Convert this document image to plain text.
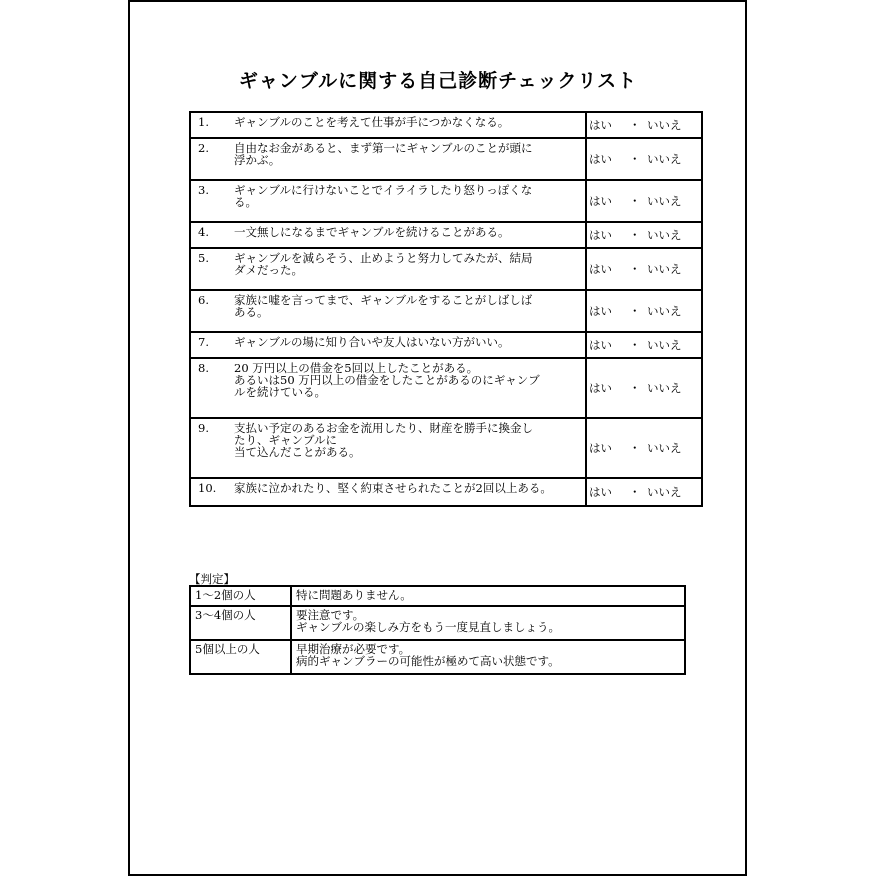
ギャンブルに関する自己診断チェックリスト
1. ギャンブルのことを考えて仕事が手につかなくなる。	はい ・ いいえ
2. 自由なお金があると、まず第一にギャンブルのことが頭に
浮かぶ。	はい ・ いいえ
3. ギャンブルに行けないことでイライラしたり怒りっぽくな
る。	はい ・ いいえ
4. 一文無しになるまでギャンブルを続けることがある。	はい ・ いいえ
5. ギャンブルを減らそう、止めようと努力してみたが、結局
ダメだった。	はい ・ いいえ
6. 家族に嘘を言ってまで、ギャンブルをすることがしばしば
ある。	はい ・ いいえ
7. ギャンブルの場に知り合いや友人はいない方がいい。	はい ・ いいえ
8. 20 万円以上の借金を5回以上したことがある。
あるいは50 万円以上の借金をしたことがあるのにギャンブ
ルを続けている。	はい ・ いいえ
9. 支払い予定のあるお金を流用したり、財産を勝手に換金し
たり、ギャンブルに
当て込んだことがある。	はい ・ いいえ
10. 家族に泣かれたり、堅く約束させられたことが2回以上ある。	はい ・ いいえ
【判定】
1～2個の人	特に問題ありません。

3～4個の人	要注意です。
ギャンブルの楽しみ方をもう一度見直しましょう。

5個以上の人	早期治療が必要です。
病的ギャンブラーの可能性が極めて高い状態です。
